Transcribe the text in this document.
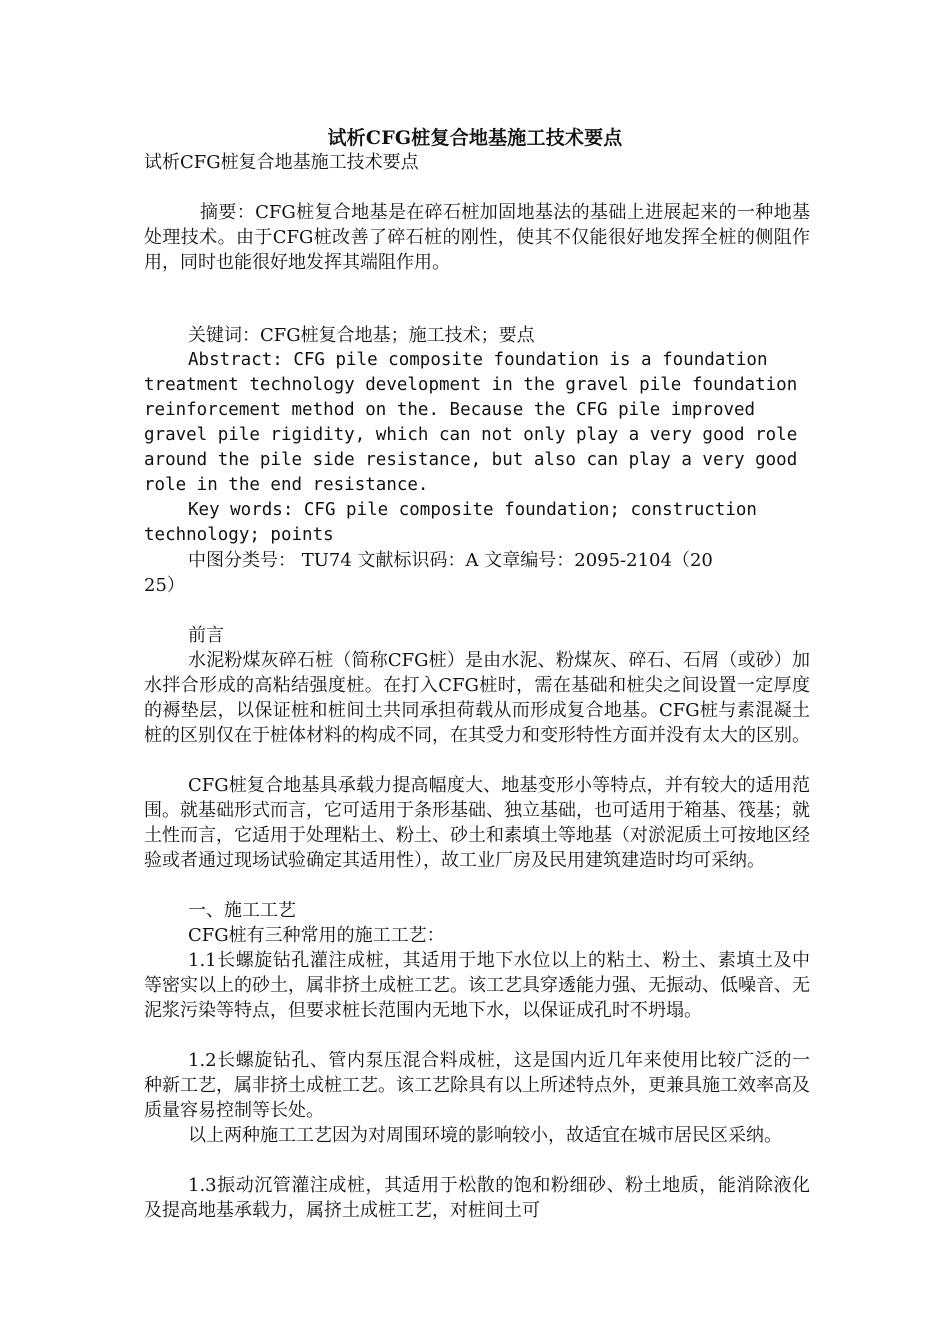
试析CFG桩复合地基施工技术要点
试析CFG桩复合地基施工技术要点
摘要：CFG桩复合地基是在碎石桩加固地基法的基础上进展起来的一种地基处理技术。由于CFG桩改善了碎石桩的刚性，使其不仅能很好地发挥全桩的侧阻作用，同时也能很好地发挥其端阻作用。
关键词：CFG桩复合地基；施工技术；要点
Abstract: CFG pile composite foundation is a foundation treatment technology development in the gravel pile foundation reinforcement method on the. Because the CFG pile improved gravel pile rigidity, which can not only play a very good role around the pile side resistance, but also can play a very good role in the end resistance.
Key words: CFG pile composite foundation; construction technology; points
中图分类号： TU74 文献标识码：A 文章编号：2095-2104（2025）
前言
水泥粉煤灰碎石桩（简称CFG桩）是由水泥、粉煤灰、碎石、石屑（或砂）加水拌合形成的高粘结强度桩。在打入CFG桩时，需在基础和桩尖之间设置一定厚度的褥垫层，以保证桩和桩间土共同承担荷载从而形成复合地基。CFG桩与素混凝土桩的区别仅在于桩体材料的构成不同，在其受力和变形特性方面并没有太大的区别。
CFG桩复合地基具承载力提高幅度大、地基变形小等特点，并有较大的适用范围。就基础形式而言，它可适用于条形基础、独立基础，也可适用于箱基、筏基；就土性而言，它适用于处理粘土、粉土、砂土和素填土等地基（对淤泥质土可按地区经验或者通过现场试验确定其适用性），故工业厂房及民用建筑建造时均可采纳。
一、施工工艺
CFG桩有三种常用的施工工艺：
1.1长螺旋钻孔灌注成桩，其适用于地下水位以上的粘土、粉土、素填土及中等密实以上的砂土，属非挤土成桩工艺。该工艺具穿透能力强、无振动、低噪音、无泥浆污染等特点，但要求桩长范围内无地下水，以保证成孔时不坍塌。
1.2长螺旋钻孔、管内泵压混合料成桩，这是国内近几年来使用比较广泛的一种新工艺，属非挤土成桩工艺。该工艺除具有以上所述特点外，更兼具施工效率高及质量容易控制等长处。
以上两种施工工艺因为对周围环境的影响较小，故适宜在城市居民区采纳。
1.3振动沉管灌注成桩，其适用于松散的饱和粉细砂、粉土地质，能消除液化及提高地基承载力，属挤土成桩工艺，对桩间土可
